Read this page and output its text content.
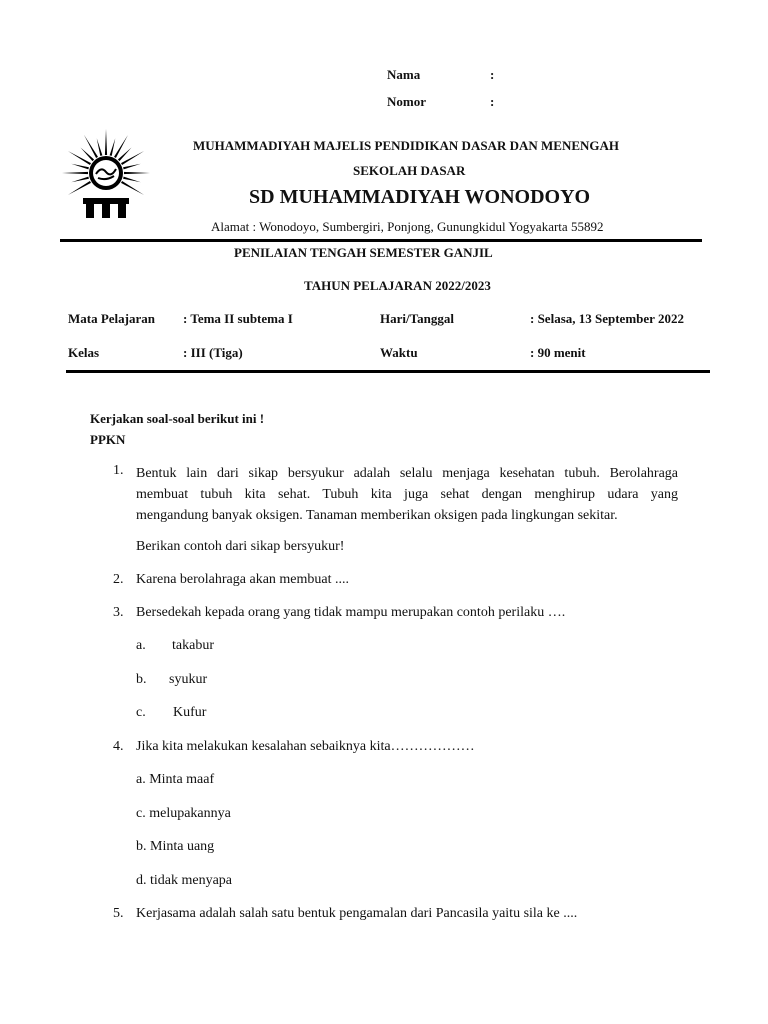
Nama	:
Nomor	:
MUHAMMADIYAH MAJELIS PENDIDIKAN DASAR DAN MENENGAH
SEKOLAH DASAR
SD MUHAMMADIYAH WONODOYO
Alamat : Wonodoyo, Sumbergiri, Ponjong, Gunungkidul Yogyakarta 55892
PENILAIAN TENGAH SEMESTER GANJIL
TAHUN PELAJARAN 2022/2023
Mata Pelajaran : Tema II subtema I	Hari/Tanggal	: Selasa, 13 September 2022
Kelas	: III (Tiga)	Waktu	: 90 menit
Kerjakan soal-soal berikut ini !
PPKN
1. Bentuk lain dari sikap bersyukur adalah selalu menjaga kesehatan tubuh. Berolahraga
membuat tubuh kita sehat. Tubuh kita juga sehat dengan menghirup udara yang
mengandung banyak oksigen. Tanaman memberikan oksigen pada lingkungan sekitar.
Berikan contoh dari sikap bersyukur!
2. Karena berolahraga akan membuat ....
3. Bersedekah kepada orang yang tidak mampu merupakan contoh perilaku ….
a. takabur
b. syukur
c. Kufur
4. Jika kita melakukan kesalahan sebaiknya kita………………
a. Minta maaf
c. melupakannya
b. Minta uang
d. tidak menyapa
5. Kerjasama adalah salah satu bentuk pengamalan dari Pancasila yaitu sila ke ....
